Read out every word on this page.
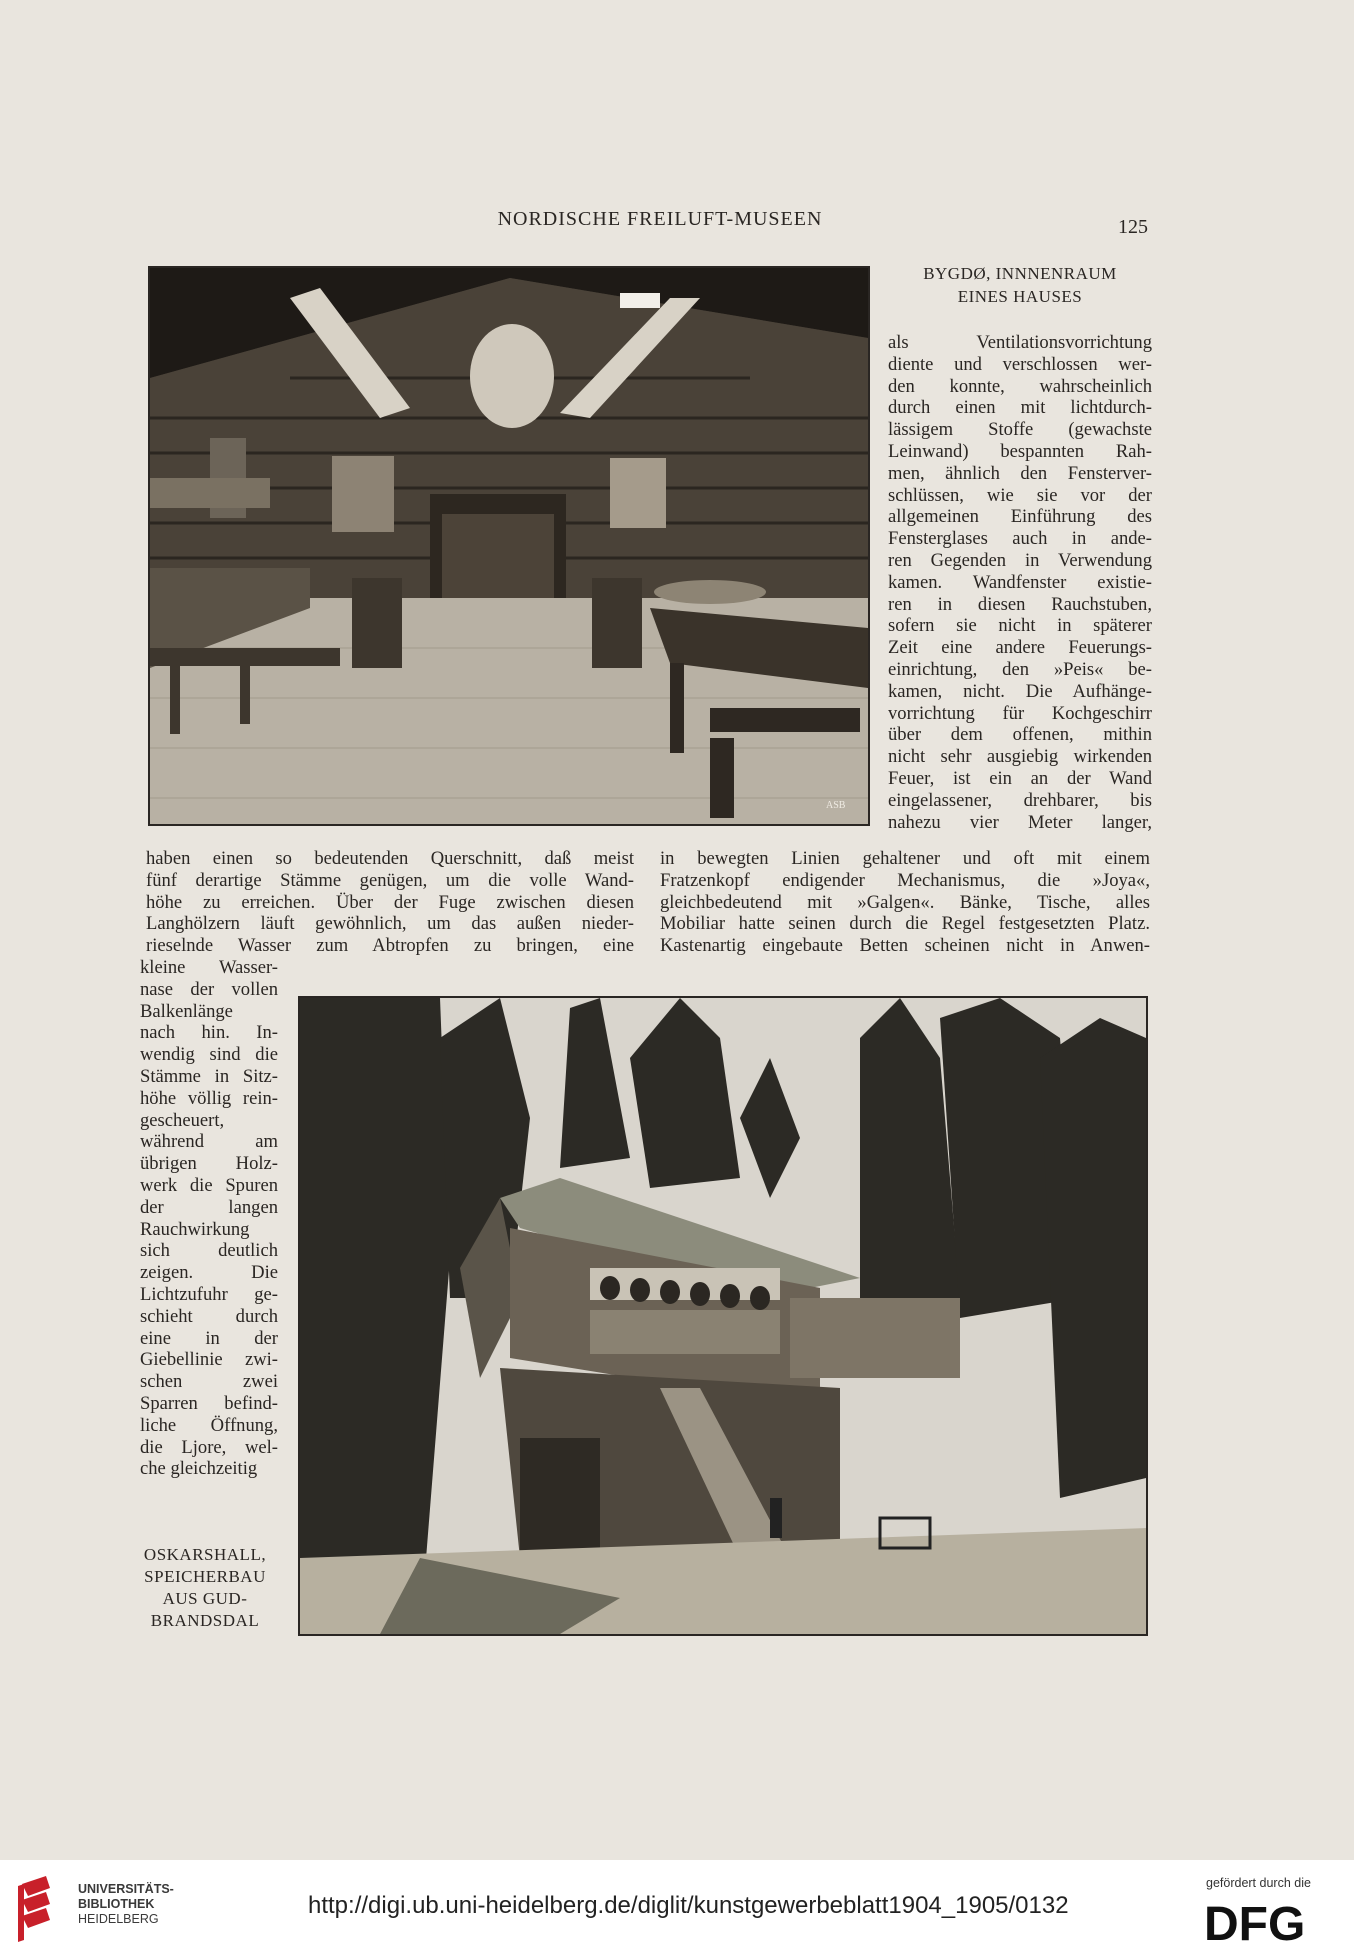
NORDISCHE FREILUFT-MUSEEN	125
ASB
BYGDØ, INNNENRAUM
EINES HAUSES
als Ventilationsvorrichtung
diente und verschlossen wer-
den konnte, wahrscheinlich
durch einen mit lichtdurch-
lässigem Stoffe (gewachste
Leinwand) bespannten Rah-
men, ähnlich den Fensterver-
schlüssen, wie sie vor der
allgemeinen Einführung des
Fensterglases auch in ande-
ren Gegenden in Verwendung
kamen. Wandfenster existie-
ren in diesen Rauchstuben,
sofern sie nicht in späterer
Zeit eine andere Feuerungs-
einrichtung, den »Peis« be-
kamen, nicht. Die Aufhänge-
vorrichtung für Kochgeschirr
über dem offenen, mithin
nicht sehr ausgiebig wirkenden
Feuer, ist ein an der Wand
eingelassener, drehbarer, bis
nahezu vier Meter langer,
haben einen so bedeutenden Querschnitt, daß meist
fünf derartige Stämme genügen, um die volle Wand-
höhe zu erreichen. Über der Fuge zwischen diesen
Langhölzern läuft gewöhnlich, um das außen nieder-
rieselnde Wasser zum Abtropfen zu bringen, eine
in bewegten Linien gehaltener und oft mit einem
Fratzenkopf endigender Mechanismus, die »Joya«,
gleichbedeutend mit »Galgen«. Bänke, Tische, alles
Mobiliar hatte seinen durch die Regel festgesetzten Platz.
Kastenartig eingebaute Betten scheinen nicht in Anwen-
kleine Wasser-
nase der vollen
Balkenlänge
nach hin. In-
wendig sind die
Stämme in Sitz-
höhe völlig rein-
gescheuert,
während am
übrigen Holz-
werk die Spuren
der langen
Rauchwirkung
sich deutlich
zeigen. Die
Lichtzufuhr ge-
schieht durch
eine in der
Giebellinie zwi-
schen zwei
Sparren befind-
liche Öffnung,
die Ljore, wel-
che gleichzeitig
OSKARSHALL,
SPEICHERBAU
AUS GUD-
BRANDSDAL
UNIVERSITÄTS-
BIBLIOTHEK
HEIDELBERG	http://digi.ub.uni-heidelberg.de/diglit/kunstgewerbeblatt1904_1905/0132
gefördert durch die
DFG
